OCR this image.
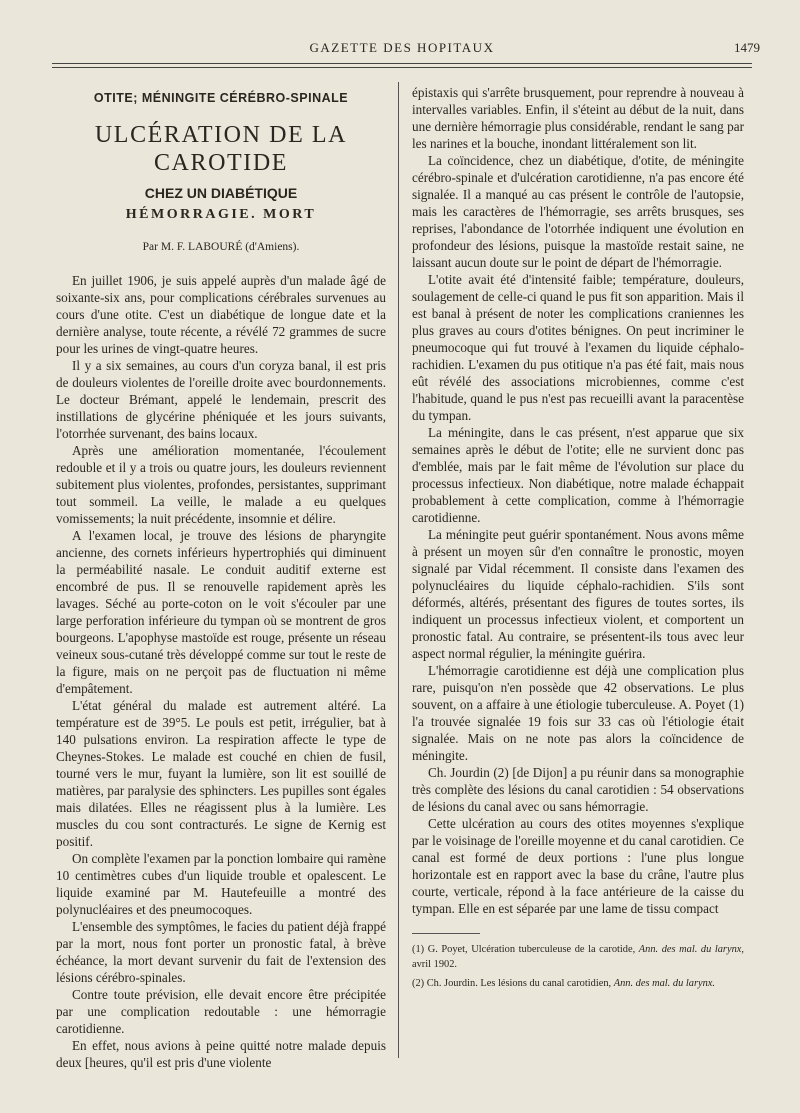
GAZETTE DES HOPITAUX	1479
OTITE; MÉNINGITE CÉRÉBRO-SPINALE
ULCÉRATION DE LA CAROTIDE
CHEZ UN DIABÉTIQUE
HÉMORRAGIE. MORT
Par M. F. LABOURÉ (d'Amiens).

En juillet 1906, je suis appelé auprès d'un malade âgé de soixante-six ans, pour complications cérébrales survenues au cours d'une otite. C'est un diabétique de longue date et la dernière analyse, toute récente, a révélé 72 grammes de sucre pour les urines de vingt-quatre heures.

Il y a six semaines, au cours d'un coryza banal, il est pris de douleurs violentes de l'oreille droite avec bourdonnements. Le docteur Brémant, appelé le lendemain, prescrit des instillations de glycérine phéniquée et les jours suivants, l'otorrhée survenant, des bains locaux.

Après une amélioration momentanée, l'écoulement redouble et il y a trois ou quatre jours, les douleurs reviennent subitement plus violentes, profondes, persistantes, supprimant tout sommeil. La veille, le malade a eu quelques vomissements; la nuit précédente, insomnie et délire.

A l'examen local, je trouve des lésions de pharyngite ancienne, des cornets inférieurs hypertrophiés qui diminuent la perméabilité nasale. Le conduit auditif externe est encombré de pus. Il se renouvelle rapidement après les lavages. Séché au porte-coton on le voit s'écouler par une large perforation inférieure du tympan où se montrent de gros bourgeons. L'apophyse mastoïde est rouge, présente un réseau veineux sous-cutané très développé comme sur tout le reste de la figure, mais on ne perçoit pas de fluctuation ni même d'empâtement.

L'état général du malade est autrement altéré. La température est de 39°5. Le pouls est petit, irrégulier, bat à 140 pulsations environ. La respiration affecte le type de Cheynes-Stokes. Le malade est couché en chien de fusil, tourné vers le mur, fuyant la lumière, son lit est souillé de matières, par paralysie des sphincters. Les pupilles sont égales mais dilatées. Elles ne réagissent plus à la lumière. Les muscles du cou sont contracturés. Le signe de Kernig est positif.

On complète l'examen par la ponction lombaire qui ramène 10 centimètres cubes d'un liquide trouble et opalescent. Le liquide examiné par M. Hautefeuille a montré des polynucléaires et des pneumocoques.

L'ensemble des symptômes, le facies du patient déjà frappé par la mort, nous font porter un pronostic fatal, à brève échéance, la mort devant survenir du fait de l'extension des lésions cérébro-spinales.

Contre toute prévision, elle devait encore être précipitée par une complication redoutable : une hémorragie carotidienne.

En effet, nous avions à peine quitté notre malade depuis deux [heures, qu'il est pris d'une violente

épistaxis qui s'arrête brusquement, pour reprendre à nouveau à intervalles variables. Enfin, il s'éteint au début de la nuit, dans une dernière hémorragie plus considérable, rendant le sang par les narines et la bouche, inondant littéralement son lit.

La coïncidence, chez un diabétique, d'otite, de méningite cérébro-spinale et d'ulcération carotidienne, n'a pas encore été signalée. Il a manqué au cas présent le contrôle de l'autopsie, mais les caractères de l'hémorragie, ses arrêts brusques, ses reprises, l'abondance de l'otorrhée indiquent une évolution en profondeur des lésions, puisque la mastoïde restait saine, ne laissant aucun doute sur le point de départ de l'hémorragie.

L'otite avait été d'intensité faible; température, douleurs, soulagement de celle-ci quand le pus fit son apparition. Mais il est banal à présent de noter les complications craniennes les plus graves au cours d'otites bénignes. On peut incriminer le pneumocoque qui fut trouvé à l'examen du liquide céphalo-rachidien. L'examen du pus otitique n'a pas été fait, mais nous eût révélé des associations microbiennes, comme c'est l'habitude, quand le pus n'est pas recueilli avant la paracentèse du tympan.

La méningite, dans le cas présent, n'est apparue que six semaines après le début de l'otite; elle ne survient donc pas d'emblée, mais par le fait même de l'évolution sur place du processus infectieux. Non diabétique, notre malade échappait probablement à cette complication, comme à l'hémorragie carotidienne.

La méningite peut guérir spontanément. Nous avons même à présent un moyen sûr d'en connaître le pronostic, moyen signalé par Vidal récemment. Il consiste dans l'examen des polynucléaires du liquide céphalo-rachidien. S'ils sont déformés, altérés, présentant des figures de toutes sortes, ils indiquent un processus infectieux violent, et comportent un pronostic fatal. Au contraire, se présentent-ils tous avec leur aspect normal régulier, la méningite guérira.

L'hémorragie carotidienne est déjà une complication plus rare, puisqu'on n'en possède que 42 observations. Le plus souvent, on a affaire à une étiologie tuberculeuse. A. Poyet (1) l'a trouvée signalée 19 fois sur 33 cas où l'étiologie était signalée. Mais on ne note pas alors la coïncidence de méningite.

Ch. Jourdin (2) [de Dijon] a pu réunir dans sa monographie très complète des lésions du canal carotidien : 54 observations de lésions du canal avec ou sans hémorragie.

Cette ulcération au cours des otites moyennes s'explique par le voisinage de l'oreille moyenne et du canal carotidien. Ce canal est formé de deux portions : l'une plus longue horizontale est en rapport avec la base du crâne, l'autre plus courte, verticale, répond à la face antérieure de la caisse du tympan. Elle en est séparée par une lame de tissu compact

(1) G. Poyet, Ulcération tuberculeuse de la carotide, Ann. des mal. du larynx, avril 1902.

(2) Ch. Jourdin. Les lésions du canal carotidien, Ann. des mal. du larynx.
